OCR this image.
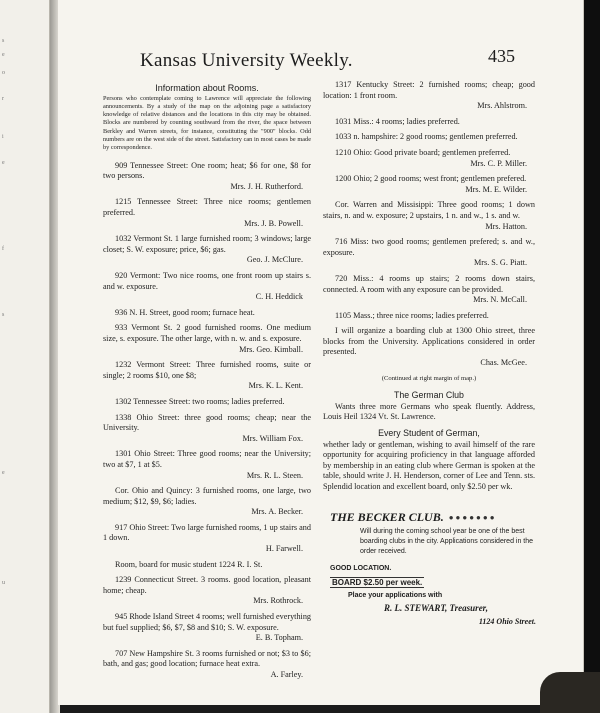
s
e
o
r
i
e
f
s
e
u
Kansas University Weekly.	435
Information about Rooms.
Persons who contemplate coming to Lawrence will appreciate the following announcements. By a study of the map on the adjoining page a satisfactory knowledge of relative distances and the locations in this city may be obtained. Blocks are numbered by counting southward from the river, the space between Berkley and Warren streets, for instance, constituting the "900" blocks. Odd numbers are on the west side of the street. Satisfactory can in most cases be made by correspondence.
909 Tennessee Street: One room; heat; $6 for one, $8 for two persons.
Mrs. J. H. Rutherford.
1215 Tennessee Street: Three nice rooms; gentlemen preferred.
Mrs. J. B. Powell.
1032 Vermont St. 1 large furnished room; 3 windows; large closet; S. W. exposure; price, $6; gas.
Geo. J. McClure.
920 Vermont: Two nice rooms, one front room up stairs s. and w. exposure.
C. H. Heddick
936 N. H. Street, good room; furnace heat.
933 Vermont St. 2 good furnished rooms. One medium size, s. exposure. The other large, with n. w. and s. exposure.
Mrs. Geo. Kimball.
1232 Vermont Street: Three furnished rooms, suite or single; 2 rooms $10, one $8;
Mrs. K. L. Kent.
1302 Tennessee Street: two rooms; ladies preferred.
1338 Ohio Street: three good rooms; cheap; near the University.
Mrs. William Fox.
1301 Ohio Street: Three good rooms; near the University; two at $7, 1 at $5.
Mrs. R. L. Steen.
Cor. Ohio and Quincy: 3 furnished rooms, one large, two medium; $12, $9, $6; ladies.
Mrs. A. Becker.
917 Ohio Street: Two large furnished rooms, 1 up stairs and 1 down.
H. Farwell.
Room, board for music student 1224 R. I. St.
1239 Connecticut Street. 3 rooms. good location, pleasant home; cheap.
Mrs. Rothrock.
945 Rhode Island Street 4 rooms; well furnished everything but fuel supplied; $6, $7, $8 and $10; S. W. exposure.
E. B. Topham.
707 New Hampshire St. 3 rooms furnished or not; $3 to $6; bath, and gas; good location; furnace heat extra.
A. Farley.
1317 Kentucky Street: 2 furnished rooms; cheap; good location: 1 front room.
Mrs. Ahlstrom.
1031 Miss.: 4 rooms; ladies preferred.
1033 n. hampshire: 2 good rooms; gentlemen preferred.
1210 Ohio: Good private board; gentlemen preferred.
Mrs. C. P. Miller.
1200 Ohio; 2 good rooms; west front; gentlemen prefered.
Mrs. M. E. Wilder.
Cor. Warren and Missisippi: Three good rooms; 1 down stairs, n. and w. exposure; 2 upstairs, 1 n. and w., 1 s. and w.
Mrs. Hatton.
716 Miss: two good rooms; gentlemen prefered; s. and w., exposure.
Mrs. S. G. Piatt.
720 Miss.: 4 rooms up stairs; 2 rooms down stairs, connected. A room with any exposure can be provided.
Mrs. N. McCall.
1105 Mass.; three nice rooms; ladies preferred.
I will organize a boarding club at 1300 Ohio street, three blocks from the University. Applications considered in order presented.
Chas. McGee.
(Continued at right margin of map.)
The German Club
Wants three more Germans who speak fluently. Address, Louis Heil 1324 Vt. St. Lawrence.
Every Student of German,
whether lady or gentleman, wishing to avail himself of the rare opportunity for acquiring proficiency in that language afforded by membership in an eating club where German is spoken at the table, should write J. H. Henderson, corner of Lee and Tenn. sts. Splendid location and excellent board, only $2.50 per wk.
THE BECKER CLUB. ●●●●●●●
Will during the coming school year be one of the best boarding clubs in the city. Applications considered in the order received.
GOOD LOCATION.
BOARD $2.50 per week.
Place your applications with
R. L. STEWART, Treasurer,
1124 Ohio Street.
